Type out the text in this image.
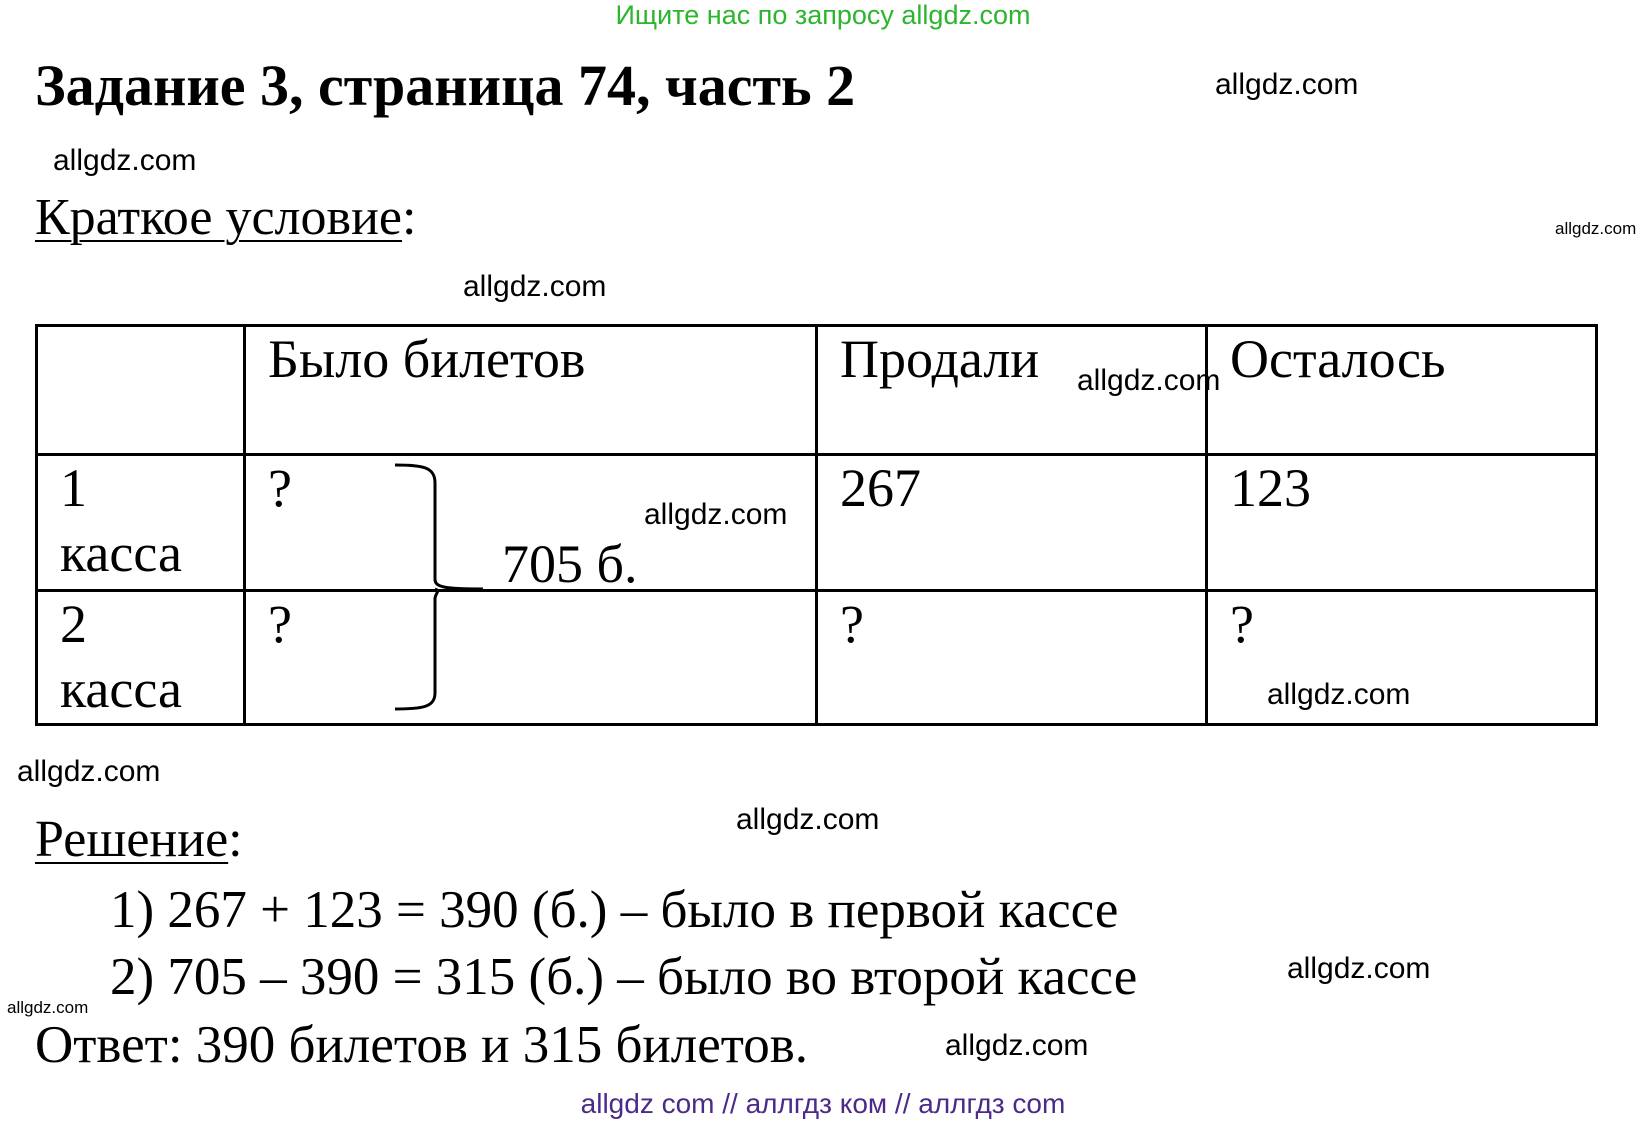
Ищите нас по запросу allgdz.com
Задание 3, страница 74, часть 2
Краткое условие:
	Было билетов	Продали	Осталось

1
касса	?	267	123

2
касса	?	?	?
705 б.
Решение:
1) 267 + 123 = 390 (б.) – было в первой кассе
2) 705 – 390 = 315 (б.) – было во второй кассе
Ответ: 390 билетов и 315 билетов.
allgdz.com
allgdz.com
allgdz.com
allgdz.com
allgdz.com
allgdz.com
allgdz.com
allgdz.com
allgdz.com
allgdz.com
allgdz.com
allgdz.com
allgdz com // аллгдз ком // аллгдз com
